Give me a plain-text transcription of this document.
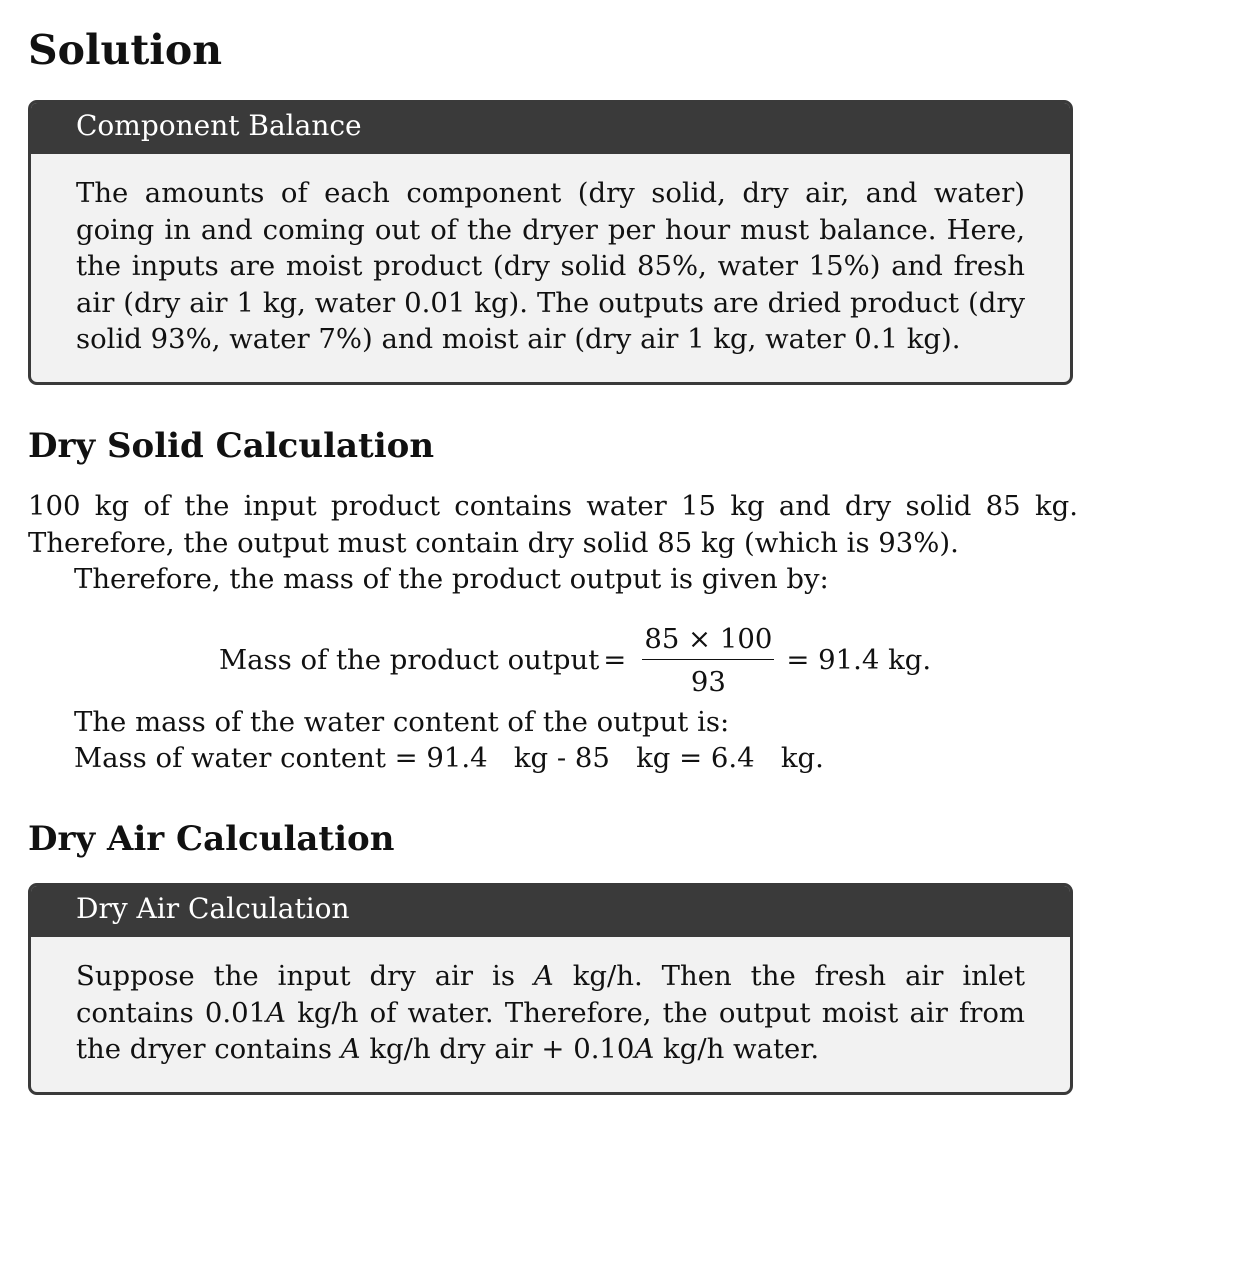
Solution
Component Balance
The amounts of each component (dry solid, dry air, and water) going in and coming out of the dryer per hour must balance. Here, the inputs are moist product (dry solid 85%, water 15%) and fresh air (dry air 1 kg, water 0.01 kg). The outputs are dried product (dry solid 93%, water 7%) and moist air (dry air 1 kg, water 0.1 kg).
Dry Solid Calculation
100 kg of the input product contains water 15 kg and dry solid 85 kg. Therefore, the output must contain dry solid 85 kg (which is 93%).
Therefore, the mass of the product output is given by:
Mass of the product output = $\frac{85 \times 100}{93} = 91.4$ kg.
The mass of the water content of the output is:
Mass of water content = 91.4   kg - 85   kg = 6.4   kg.
Dry Air Calculation
Dry Air Calculation
Suppose the input dry air is A kg/h. Then the fresh air inlet contains 0.01A kg/h of water. Therefore, the output moist air from the dryer contains A kg/h dry air + 0.10A kg/h water.
